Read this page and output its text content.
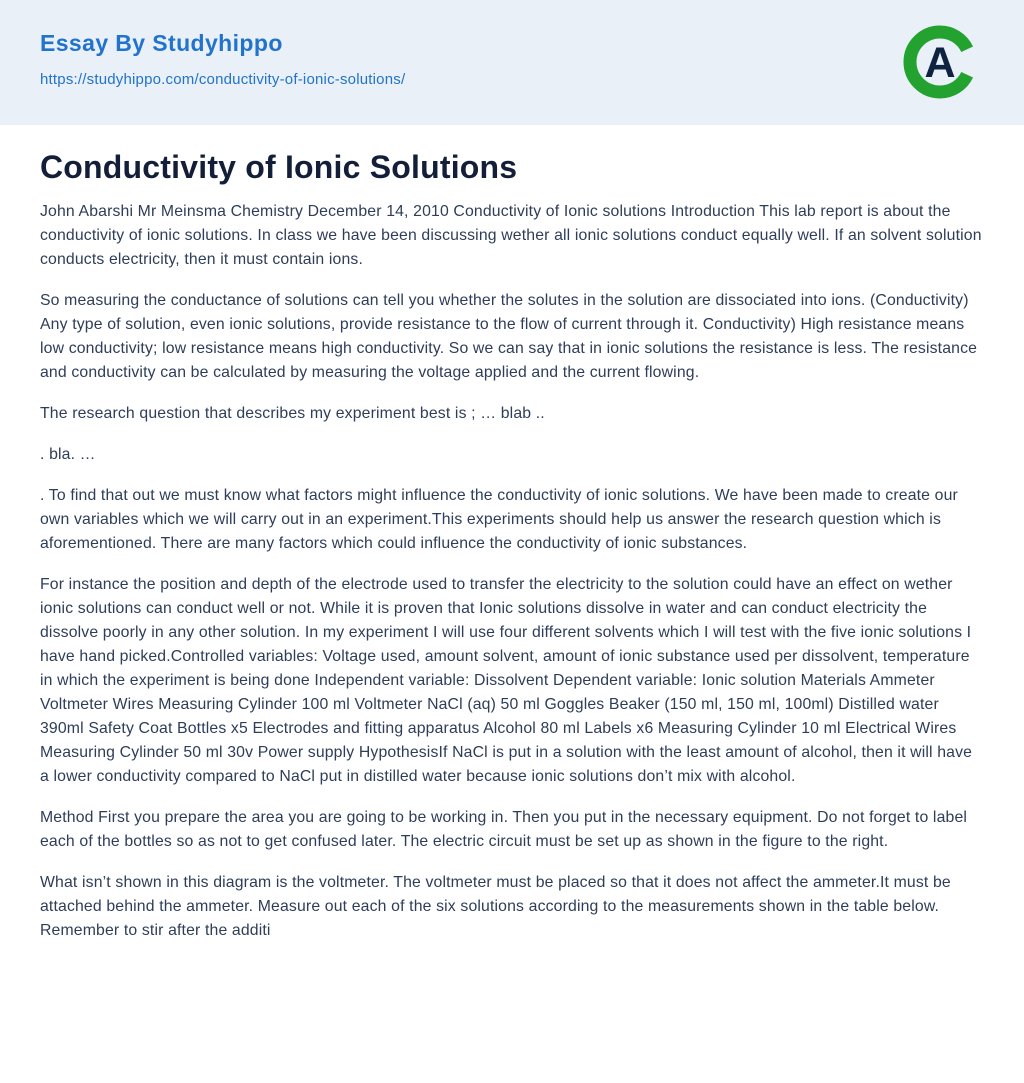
Essay By Studyhippo
https://studyhippo.com/conductivity-of-ionic-solutions/	A
Conductivity of Ionic Solutions

John Abarshi Mr Meinsma Chemistry December 14, 2010 Conductivity of Ionic solutions Introduction This lab report is about the conductivity of ionic solutions. In class we have been discussing wether all ionic solutions conduct equally well. If an solvent solution conducts electricity, then it must contain ions.

So measuring the conductance of solutions can tell you whether the solutes in the solution are dissociated into ions. (Conductivity) Any type of solution, even ionic solutions, provide resistance to the flow of current through it. Conductivity) High resistance means low conductivity; low resistance means high conductivity. So we can say that in ionic solutions the resistance is less. The resistance and conductivity can be calculated by measuring the voltage applied and the current flowing.

The research question that describes my experiment best is ; … blab ..

. bla. …

. To find that out we must know what factors might influence the conductivity of ionic solutions. We have been made to create our own variables which we will carry out in an experiment.This experiments should help us answer the research question which is aforementioned. There are many factors which could influence the conductivity of ionic substances.

For instance the position and depth of the electrode used to transfer the electricity to the solution could have an effect on wether ionic solutions can conduct well or not. While it is proven that Ionic solutions dissolve in water and can conduct electricity the dissolve poorly in any other solution. In my experiment I will use four different solvents which I will test with the five ionic solutions I have hand picked.Controlled variables: Voltage used, amount solvent, amount of ionic substance used per dissolvent, temperature in which the experiment is being done Independent variable: Dissolvent Dependent variable: Ionic solution Materials Ammeter Voltmeter Wires Measuring Cylinder 100 ml Voltmeter NaCl (aq) 50 ml Goggles Beaker (150 ml, 150 ml, 100ml) Distilled water 390ml Safety Coat Bottles x5 Electrodes and fitting apparatus Alcohol 80 ml Labels x6 Measuring Cylinder 10 ml Electrical Wires Measuring Cylinder 50 ml 30v Power supply HypothesisIf NaCl is put in a solution with the least amount of alcohol, then it will have a lower conductivity compared to NaCl put in distilled water because ionic solutions don’t mix with alcohol.

Method First you prepare the area you are going to be working in. Then you put in the necessary equipment. Do not forget to label each of the bottles so as not to get confused later. The electric circuit must be set up as shown in the figure to the right.

What isn’t shown in this diagram is the voltmeter. The voltmeter must be placed so that it does not affect the ammeter.It must be attached behind the ammeter. Measure out each of the six solutions according to the measurements shown in the table below. Remember to stir after the additi
